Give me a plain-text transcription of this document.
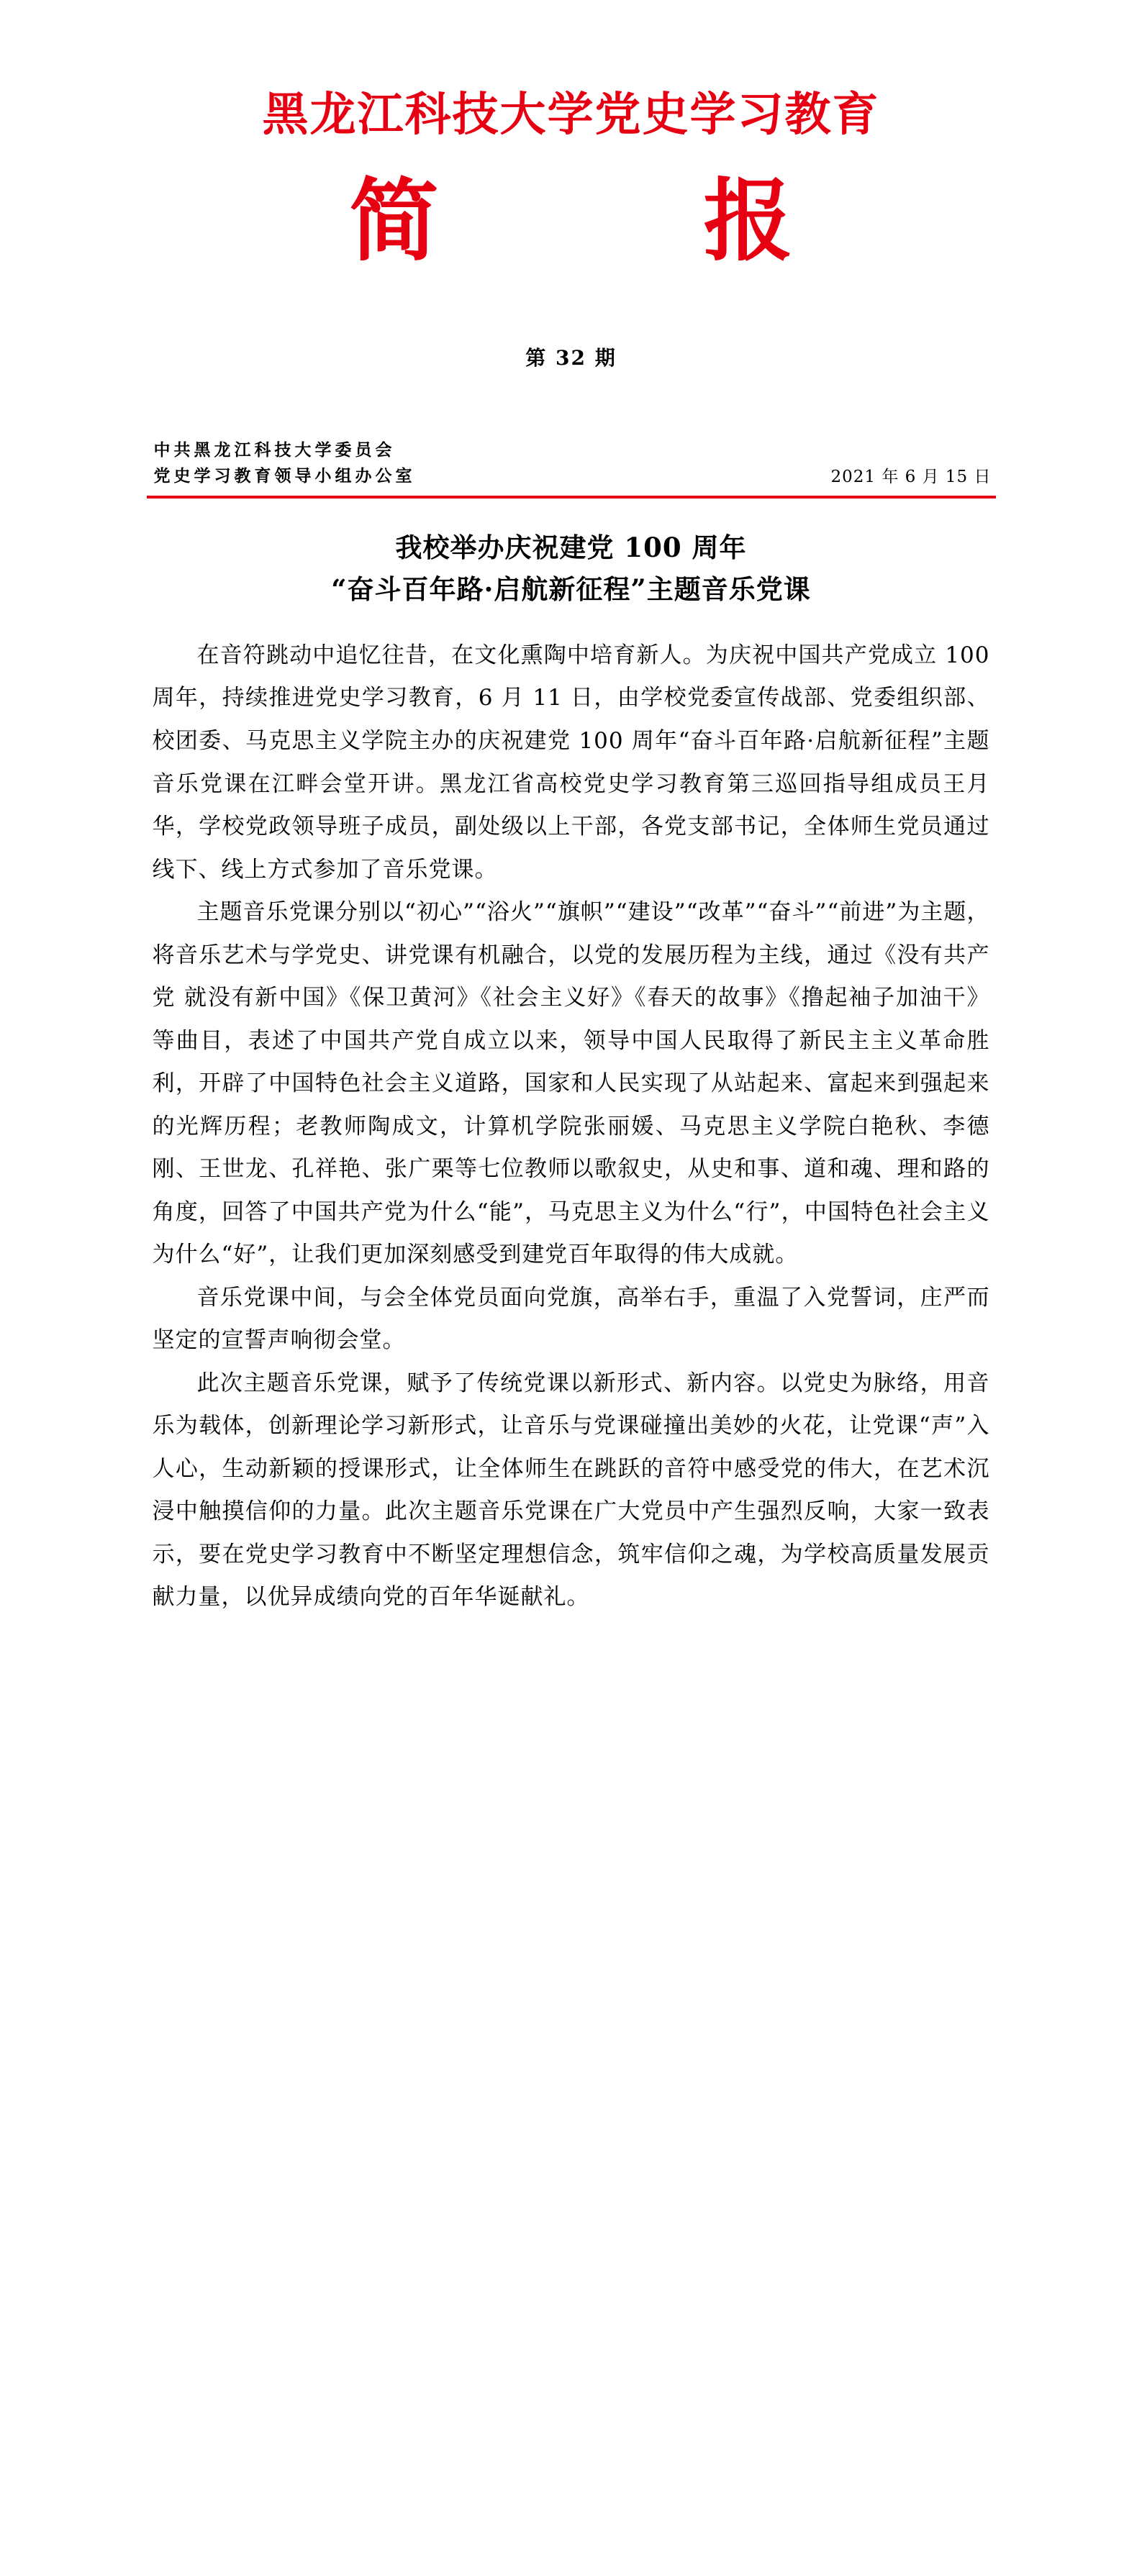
黑龙江科技大学党史学习教育
简　　报
第 32 期
中共黑龙江科技大学委员会
党史学习教育领导小组办公室	2021 年 6 月 15 日
我校举办庆祝建党 100 周年
“奋斗百年路·启航新征程”主题音乐党课

在音符跳动中追忆往昔，在文化熏陶中培育新人。为庆祝中国共产党成立 100 周年，持续推进党史学习教育，6 月 11 日，由学校党委宣传战部、党委组织部、校团委、马克思主义学院主办的庆祝建党 100 周年“奋斗百年路·启航新征程”主题音乐党课在江畔会堂开讲。黑龙江省高校党史学习教育第三巡回指导组成员王月华，学校党政领导班子成员，副处级以上干部，各党支部书记，全体师生党员通过线下、线上方式参加了音乐党课。

主题音乐党课分别以“初心”“浴火”“旗帜”“建设”“改革”“奋斗”“前进”为主题，将音乐艺术与学党史、讲党课有机融合，以党的发展历程为主线，通过《没有共产党 就没有新中国》《保卫黄河》《社会主义好》《春天的故事》《撸起袖子加油干》等曲目，表述了中国共产党自成立以来，领导中国人民取得了新民主主义革命胜利，开辟了中国特色社会主义道路，国家和人民实现了从站起来、富起来到强起来的光辉历程；老教师陶成文，计算机学院张丽媛、马克思主义学院白艳秋、李德刚、王世龙、孔祥艳、张广栗等七位教师以歌叙史，从史和事、道和魂、理和路的角度，回答了中国共产党为什么“能”，马克思主义为什么“行”，中国特色社会主义为什么“好”，让我们更加深刻感受到建党百年取得的伟大成就。

音乐党课中间，与会全体党员面向党旗，高举右手，重温了入党誓词，庄严而坚定的宣誓声响彻会堂。

此次主题音乐党课，赋予了传统党课以新形式、新内容。以党史为脉络，用音乐为载体，创新理论学习新形式，让音乐与党课碰撞出美妙的火花，让党课“声”入人心，生动新颖的授课形式，让全体师生在跳跃的音符中感受党的伟大，在艺术沉浸中触摸信仰的力量。此次主题音乐党课在广大党员中产生强烈反响，大家一致表示，要在党史学习教育中不断坚定理想信念，筑牢信仰之魂，为学校高质量发展贡献力量，以优异成绩向党的百年华诞献礼。
